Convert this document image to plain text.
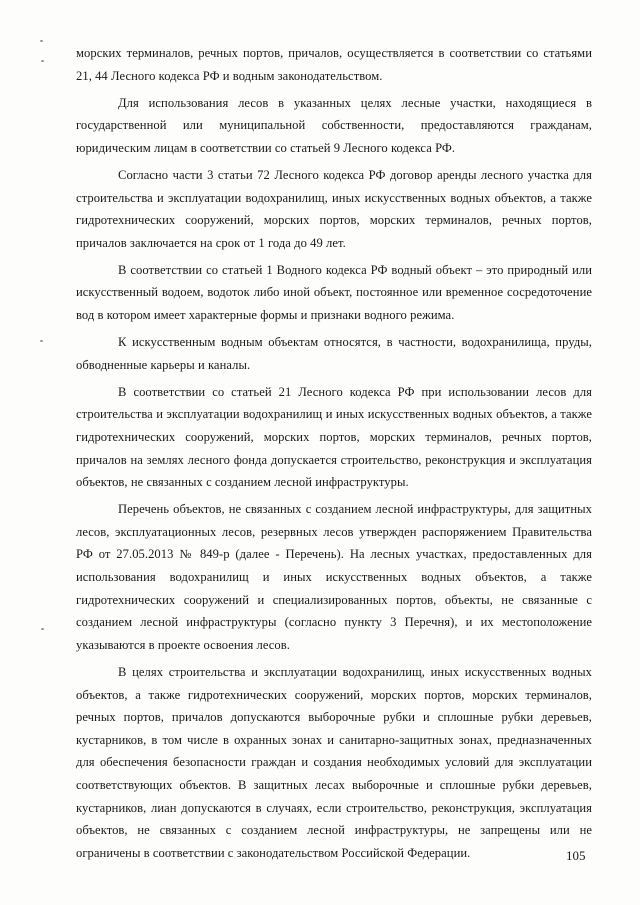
морских терминалов, речных портов, причалов, осуществляется в соответствии со статьями 21, 44 Лесного кодекса РФ и водным законодательством.

Для использования лесов в указанных целях лесные участки, находящиеся в государственной или муниципальной собственности, предоставляются гражданам, юридическим лицам в соответствии со статьей 9 Лесного кодекса РФ.

Согласно части 3 статьи 72 Лесного кодекса РФ договор аренды лесного участка для строительства и эксплуатации водохранилищ, иных искусственных водных объектов, а также гидротехнических сооружений, морских портов, морских терминалов, речных портов, причалов заключается на срок от 1 года до 49 лет.

В соответствии со статьей 1 Водного кодекса РФ водный объект – это природный или искусственный водоем, водоток либо иной объект, постоянное или временное сосредоточение вод в котором имеет характерные формы и признаки водного режима.

К искусственным водным объектам относятся, в частности, водохранилища, пруды, обводненные карьеры и каналы.

В соответствии со статьей 21 Лесного кодекса РФ при использовании лесов для строительства и эксплуатации водохранилищ и иных искусственных водных объектов, а также гидротехнических сооружений, морских портов, морских терминалов, речных портов, причалов на землях лесного фонда допускается строительство, реконструкция и эксплуатация объектов, не связанных с созданием лесной инфраструктуры.

Перечень объектов, не связанных с созданием лесной инфраструктуры, для защитных лесов, эксплуатационных лесов, резервных лесов утвержден распоряжением Правительства РФ от 27.05.2013 № 849-р (далее - Перечень). На лесных участках, предоставленных для использования водохранилищ и иных искусственных водных объектов, а также гидротехнических сооружений и специализированных портов, объекты, не связанные с созданием лесной инфраструктуры (согласно пункту 3 Перечня), и их местоположение указываются в проекте освоения лесов.

В целях строительства и эксплуатации водохранилищ, иных искусственных водных объектов, а также гидротехнических сооружений, морских портов, морских терминалов, речных портов, причалов допускаются выборочные рубки и сплошные рубки деревьев, кустарников, в том числе в охранных зонах и санитарно-защитных зонах, предназначенных для обеспечения безопасности граждан и создания необходимых условий для эксплуатации соответствующих объектов. В защитных лесах выборочные и сплошные рубки деревьев, кустарников, лиан допускаются в случаях, если строительство, реконструкция, эксплуатация объектов, не связанных с созданием лесной инфраструктуры, не запрещены или не ограничены в соответствии с законодательством Российской Федерации.	105
